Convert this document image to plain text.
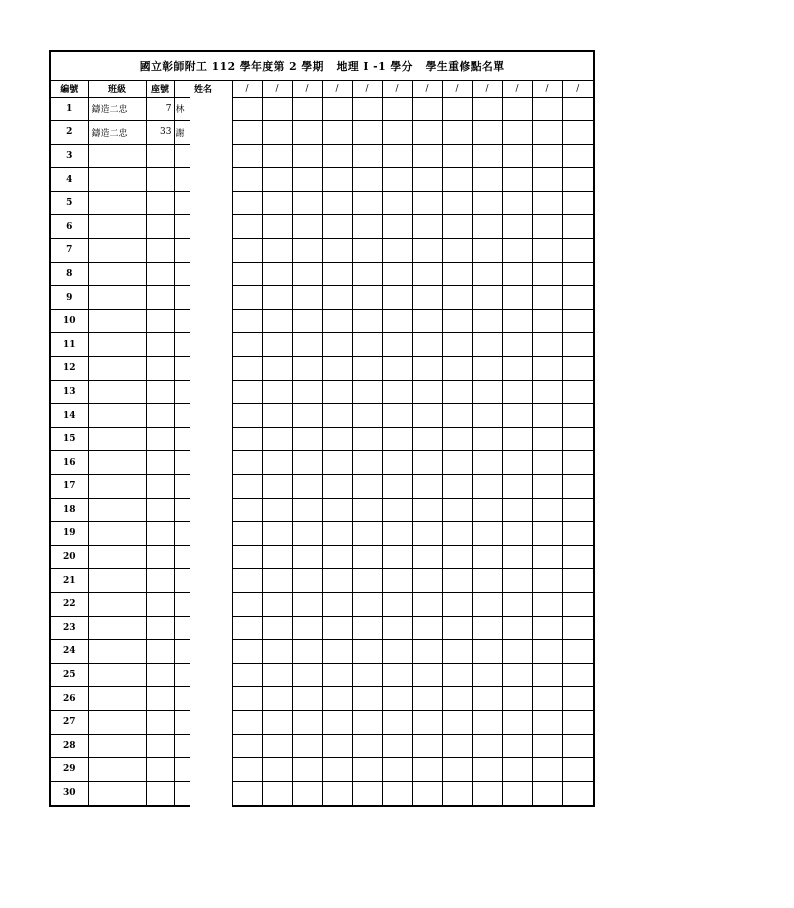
國立彰師附工 112 學年度第 2 學期   地理 I -1 學分   學生重修點名單
編號	班級	座號	姓名	/	/	/	/	/	/	/	/	/	/	/	/
1	鑄造二忠	7	林												
2	鑄造二忠	33	謝												
3															
4															
5															
6															
7															
8															
9															
10															
11															
12															
13															
14															
15															
16															
17															
18															
19															
20															
21															
22															
23															
24															
25															
26															
27															
28															
29															
30															
